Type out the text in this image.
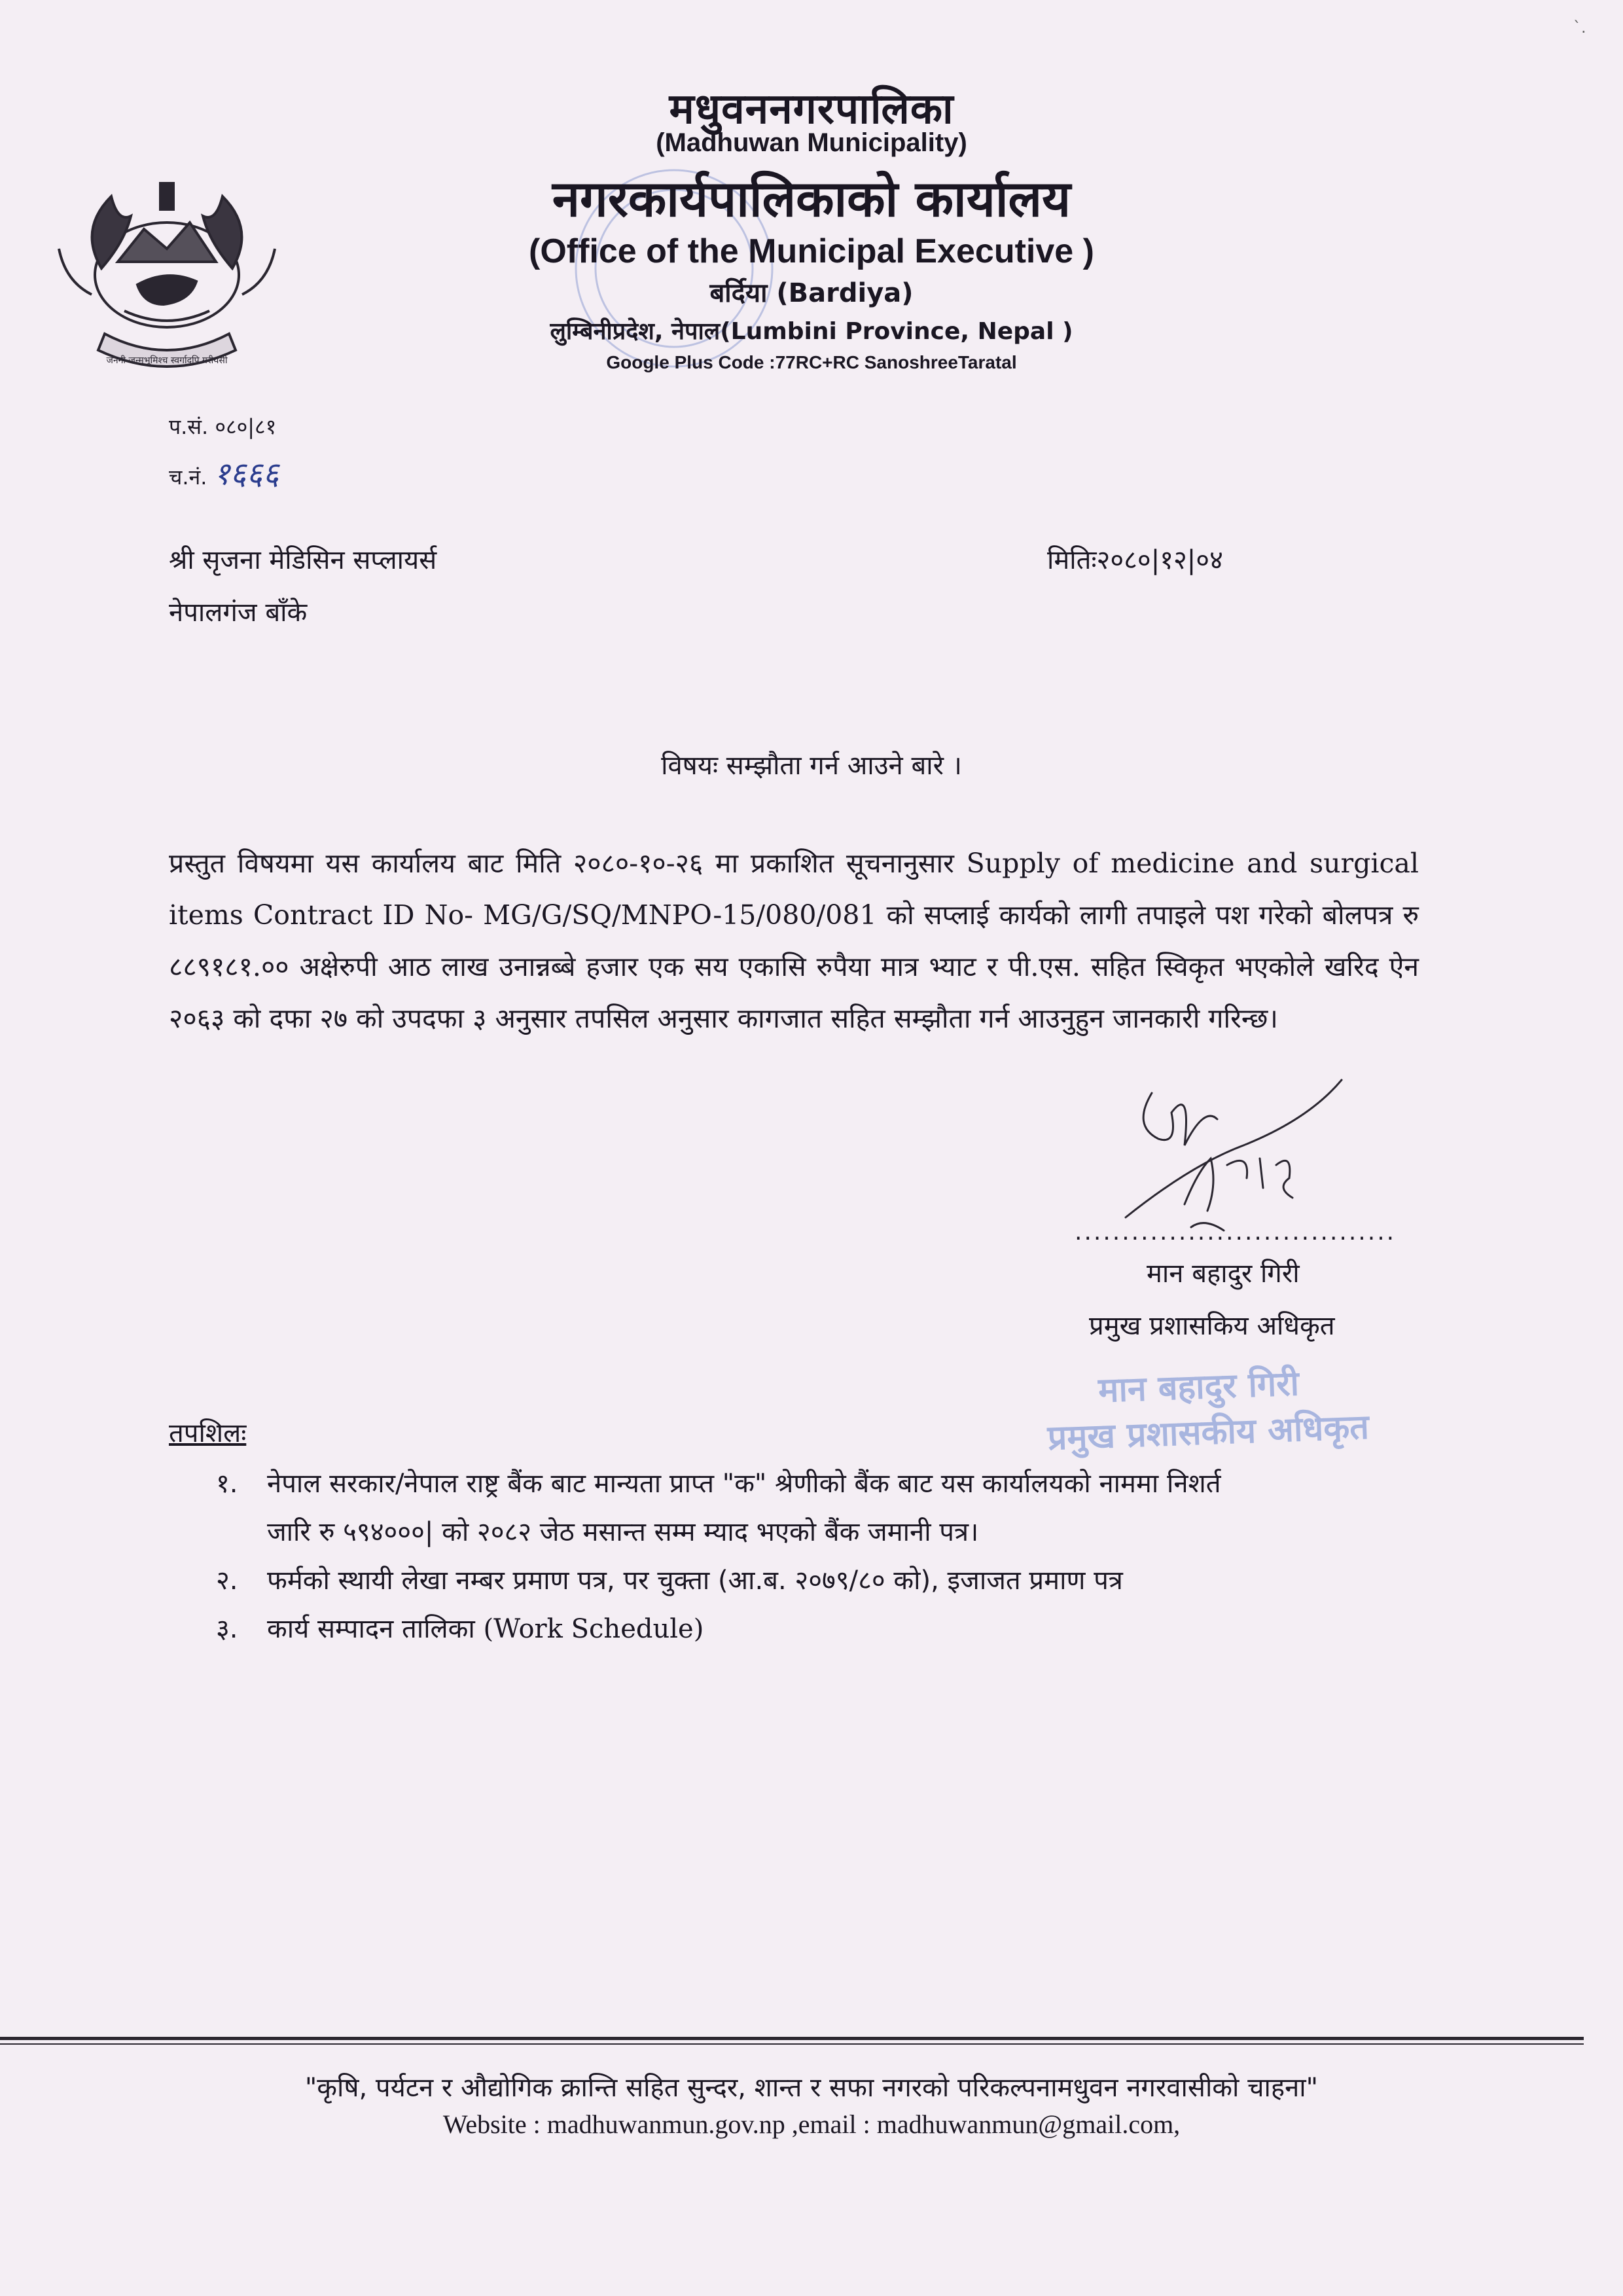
`.
जननी जन्मभूमिश्च स्वर्गादपि गरीयसी
मधुवननगरपालिका
(Madhuwan Municipality)
नगरकार्यपालिकाको कार्यालय
(Office of the Municipal Executive )
बर्दिया (Bardiya)
लुम्बिनीप्रदेश, नेपाल(Lumbini Province, Nepal )
Google Plus Code :77RC+RC SanoshreeTaratal
प.सं. ०८०|८१
च.नं. १६६६
श्री सृजना मेडिसिन सप्लायर्स
नेपालगंज बाँके
मितिः२०८०|१२|०४
विषयः सम्झौता गर्न आउने बारे ।
प्रस्तुत विषयमा यस कार्यालय बाट मिति २०८०-१०-२६ मा प्रकाशित सूचनानुसार Supply of medicine and surgical items Contract ID No- MG/G/SQ/MNPO-15/080/081 को सप्लाई कार्यको लागी तपाइले पश गरेको बोलपत्र रु ८८९१८१.०० अक्षेरुपी आठ लाख उनान्नब्बे हजार एक सय एकासि रुपैया मात्र भ्याट र पी.एस. सहित स्विकृत भएकोले खरिद ऐन २०६३ को दफा २७ को उपदफा ३ अनुसार तपसिल अनुसार कागजात सहित सम्झौता गर्न आउनुहुन जानकारी गरिन्छ।
..................................
मान बहादुर गिरी
प्रमुख प्रशासकिय अधिकृत
मान बहादुर गिरी
प्रमुख प्रशासकीय अधिकृत
तपशिलः
१. नेपाल सरकार/नेपाल राष्ट्र बैंक बाट मान्यता प्राप्त "क" श्रेणीको बैंक बाट यस कार्यालयको नाममा निशर्त
जारि रु ५९४०००| को २०८२ जेठ मसान्त सम्म म्याद भएको बैंक जमानी पत्र।
२. फर्मको स्थायी लेखा नम्बर प्रमाण पत्र, पर चुक्ता (आ.ब. २०७९/८० को), इजाजत प्रमाण पत्र
३. कार्य सम्पादन तालिका (Work Schedule)
"कृषि, पर्यटन र औद्योगिक क्रान्ति सहित सुन्दर, शान्त र सफा नगरको परिकल्पनामधुवन नगरवासीको चाहना"
Website : madhuwanmun.gov.np ,email : madhuwanmun@gmail.com,
